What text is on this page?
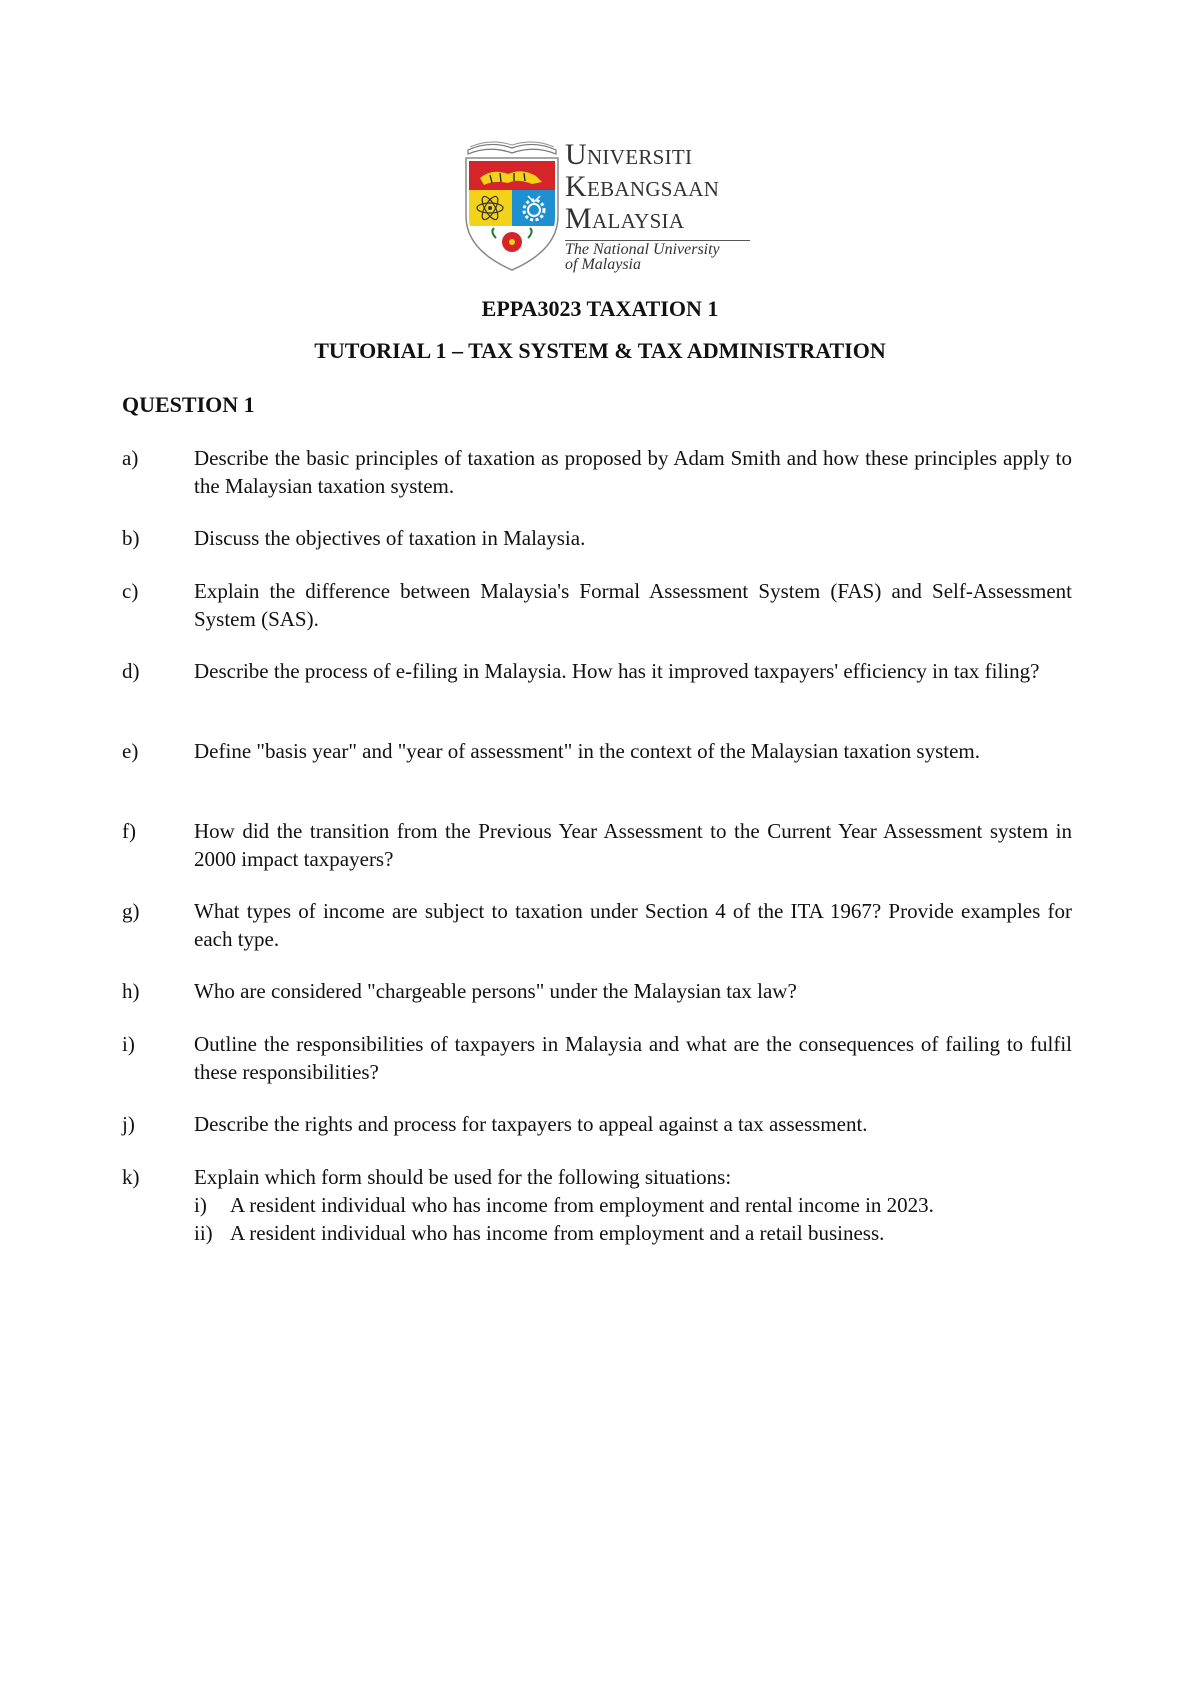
UNIVERSITI
KEBANGSAAN
MALAYSIA
The National University
of Malaysia
EPPA3023 TAXATION 1
TUTORIAL 1 – TAX SYSTEM & TAX ADMINISTRATION
QUESTION 1
a)	Describe the basic principles of taxation as proposed by Adam Smith and how these principles apply to the Malaysian taxation system.
b)	Discuss the objectives of taxation in Malaysia.
c)	Explain the difference between Malaysia's Formal Assessment System (FAS) and Self-Assessment System (SAS).
d)	Describe the process of e-filing in Malaysia. How has it improved taxpayers' efficiency in tax filing?
e)	Define "basis year" and "year of assessment" in the context of the Malaysian taxation system.
f)	How did the transition from the Previous Year Assessment to the Current Year Assessment system in 2000 impact taxpayers?
g)	What types of income are subject to taxation under Section 4 of the ITA 1967? Provide examples for each type.
h)	Who are considered "chargeable persons" under the Malaysian tax law?
i)	Outline the responsibilities of taxpayers in Malaysia and what are the consequences of failing to fulfil these responsibilities?
j)	Describe the rights and process for taxpayers to appeal against a tax assessment.
k)	Explain which form should be used for the following situations:
i) A resident individual who has income from employment and rental income in 2023.
ii) A resident individual who has income from employment and a retail business.
